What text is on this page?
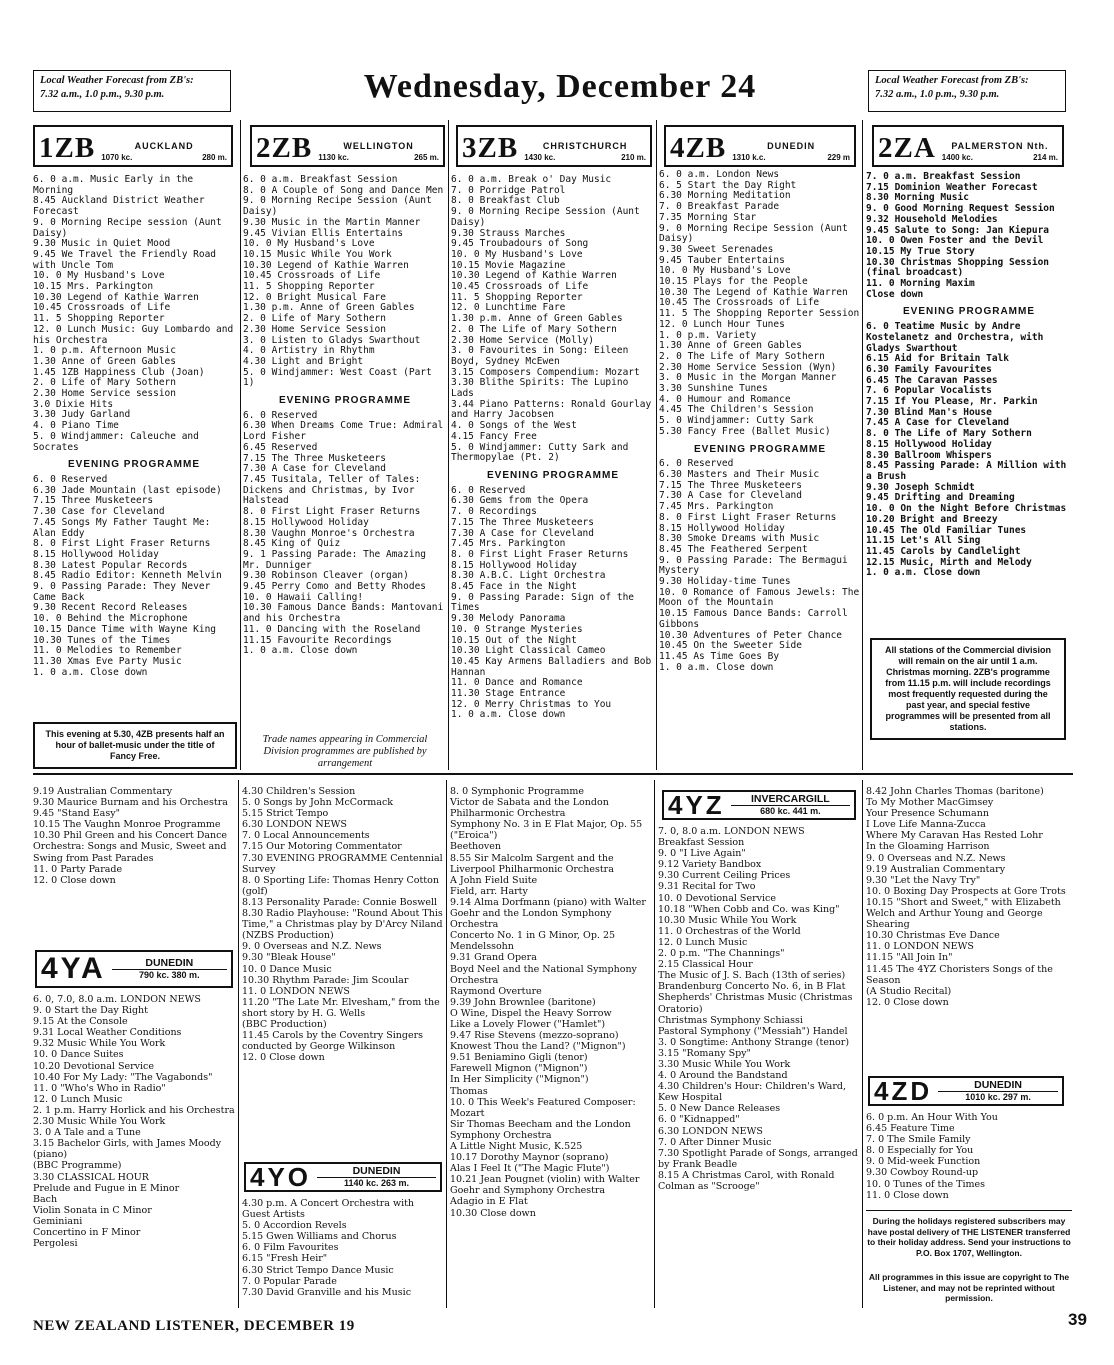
Local Weather Forecast from ZB's:
7.32 a.m., 1.0 p.m., 9.30 p.m.	Wednesday, December 24	Local Weather Forecast from ZB's:
7.32 a.m., 1.0 p.m., 9.30 p.m.
1ZB	AUCKLAND
1070 kc.	280 m. 2ZB	WELLINGTON
1130 kc.	265 m. 3ZB	CHRISTCHURCH
1430 kc.	210 m. 4ZB	DUNEDIN
1310 k.c.	229 m 2ZA	PALMERSTON Nth.
1400 kc.	214 m.
6. 0 a.m. Music Early in the Morning
8.45 Auckland District Weather Forecast
9. 0 Morning Recipe session (Aunt Daisy)
9.30 Music in Quiet Mood
9.45 We Travel the Friendly Road with Uncle Tom
10. 0 My Husband's Love
10.15 Mrs. Parkington
10.30 Legend of Kathie Warren
10.45 Crossroads of Life
11. 5 Shopping Reporter
12. 0 Lunch Music: Guy Lombardo and his Orchestra
1. 0 p.m. Afternoon Music
1.30 Anne of Green Gables
1.45 1ZB Happiness Club (Joan)
2. 0 Life of Mary Sothern
2.30 Home Service session
3.0 Dixie Hits
3.30 Judy Garland
4. 0 Piano Time
5. 0 Windjammer: Caleuche and Socrates
EVENING PROGRAMME
6. 0 Reserved
6.30 Jade Mountain (last episode)
7.15 Three Musketeers
7.30 Case for Cleveland
7.45 Songs My Father Taught Me: Alan Eddy
8. 0 First Light Fraser Returns
8.15 Hollywood Holiday
8.30 Latest Popular Records
8.45 Radio Editor: Kenneth Melvin
9. 0 Passing Parade: They Never Came Back
9.30 Recent Record Releases
10. 0 Behind the Microphone
10.15 Dance Time with Wayne King
10.30 Tunes of the Times
11. 0 Melodies to Remember
11.30 Xmas Eve Party Music
1. 0 a.m. Close down
This evening at 5.30, 4ZB presents half an hour of ballet-music under the title of Fancy Free.
6. 0 a.m. Breakfast Session
8. 0 A Couple of Song and Dance Men
9. 0 Morning Recipe Session (Aunt Daisy)
9.30 Music in the Martin Manner
9.45 Vivian Ellis Entertains
10. 0 My Husband's Love
10.15 Music While You Work
10.30 Legend of Kathie Warren
10.45 Crossroads of Life
11. 5 Shopping Reporter
12. 0 Bright Musical Fare
1.30 p.m. Anne of Green Gables
2. 0 Life of Mary Sothern
2.30 Home Service Session
3. 0 Listen to Gladys Swarthout
4. 0 Artistry in Rhythm
4.30 Light and Bright
5. 0 Windjammer: West Coast (Part 1)
EVENING PROGRAMME
6. 0 Reserved
6.30 When Dreams Come True: Admiral Lord Fisher
6.45 Reserved
7.15 The Three Musketeers
7.30 A Case for Cleveland
7.45 Tusitala, Teller of Tales: Dickens and Christmas, by Ivor Halstead
8. 0 First Light Fraser Returns
8.15 Hollywood Holiday
8.30 Vaughn Monroe's Orchestra
8.45 King of Quiz
9. 1 Passing Parade: The Amazing Mr. Dunniger
9.30 Robinson Cleaver (organ)
9.45 Perry Como and Betty Rhodes
10. 0 Hawaii Calling!
10.30 Famous Dance Bands: Mantovani and his Orchestra
11. 0 Dancing with the Roseland
11.15 Favourite Recordings
1. 0 a.m. Close down
Trade names appearing in Commercial Division programmes are published by arrangement
6. 0 a.m. Break o' Day Music
7. 0 Porridge Patrol
8. 0 Breakfast Club
9. 0 Morning Recipe Session (Aunt Daisy)
9.30 Strauss Marches
9.45 Troubadours of Song
10. 0 My Husband's Love
10.15 Movie Magazine
10.30 Legend of Kathie Warren
10.45 Crossroads of Life
11. 5 Shopping Reporter
12. 0 Lunchtime Fare
1.30 p.m. Anne of Green Gables
2. 0 The Life of Mary Sothern
2.30 Home Service (Molly)
3. 0 Favourites in Song: Eileen Boyd, Sydney McEwen
3.15 Composers Compendium: Mozart
3.30 Blithe Spirits: The Lupino Lads
3.44 Piano Patterns: Ronald Gourlay and Harry Jacobsen
4. 0 Songs of the West
4.15 Fancy Free
5. 0 Windjammer: Cutty Sark and Thermopylae (Pt. 2)
EVENING PROGRAMME
6. 0 Reserved
6.30 Gems from the Opera
7. 0 Recordings
7.15 The Three Musketeers
7.30 A Case for Cleveland
7.45 Mrs. Parkington
8. 0 First Light Fraser Returns
8.15 Hollywood Holiday
8.30 A.B.C. Light Orchestra
8.45 Face in the Night
9. 0 Passing Parade: Sign of the Times
9.30 Melody Panorama
10. 0 Strange Mysteries
10.15 Out of the Night
10.30 Light Classical Cameo
10.45 Kay Armens Balladiers and Bob Hannan
11. 0 Dance and Romance
11.30 Stage Entrance
12. 0 Merry Christmas to You
1. 0 a.m. Close down
6. 0 a.m. London News
6. 5 Start the Day Right
6.30 Morning Meditation
7. 0 Breakfast Parade
7.35 Morning Star
9. 0 Morning Recipe Session (Aunt Daisy)
9.30 Sweet Serenades
9.45 Tauber Entertains
10. 0 My Husband's Love
10.15 Plays for the People
10.30 The Legend of Kathie Warren
10.45 The Crossroads of Life
11. 5 The Shopping Reporter Session
12. 0 Lunch Hour Tunes
1. 0 p.m. Variety
1.30 Anne of Green Gables
2. 0 The Life of Mary Sothern
2.30 Home Service Session (Wyn)
3. 0 Music in the Morgan Manner
3.30 Sunshine Tunes
4. 0 Humour and Romance
4.45 The Children's Session
5. 0 Windjammer: Cutty Sark
5.30 Fancy Free (Ballet Music)
EVENING PROGRAMME
6. 0 Reserved
6.30 Masters and Their Music
7.15 The Three Musketeers
7.30 A Case for Cleveland
7.45 Mrs. Parkington
8. 0 First Light Fraser Returns
8.15 Hollywood Holiday
8.30 Smoke Dreams with Music
8.45 The Feathered Serpent
9. 0 Passing Parade: The Bermagui Mystery
9.30 Holiday-time Tunes
10. 0 Romance of Famous Jewels: The Moon of the Mountain
10.15 Famous Dance Bands: Carroll Gibbons
10.30 Adventures of Peter Chance
10.45 On the Sweeter Side
11.45 As Time Goes By
1. 0 a.m. Close down
7. 0 a.m. Breakfast Session
7.15 Dominion Weather Forecast
8.30 Morning Music
9. 0 Good Morning Request Session
9.32 Household Melodies
9.45 Salute to Song: Jan Kiepura
10. 0 Owen Foster and the Devil
10.15 My True Story
10.30 Christmas Shopping Session (final broadcast)
11. 0 Morning Maxim
Close down
EVENING PROGRAMME
6. 0 Teatime Music by Andre Kostelanetz and Orchestra, with Gladys Swarthout
6.15 Aid for Britain Talk
6.30 Family Favourites
6.45 The Caravan Passes
7. 6 Popular Vocalists
7.15 If You Please, Mr. Parkin
7.30 Blind Man's House
7.45 A Case for Cleveland
8. 0 The Life of Mary Sothern
8.15 Hollywood Holiday
8.30 Ballroom Whispers
8.45 Passing Parade: A Million with a Brush
9.30 Joseph Schmidt
9.45 Drifting and Dreaming
10. 0 On the Night Before Christmas
10.20 Bright and Breezy
10.45 The Old Familiar Tunes
11.15 Let's All Sing
11.45 Carols by Candlelight
12.15 Music, Mirth and Melody
1. 0 a.m. Close down
All stations of the Commercial division will remain on the air until 1 a.m. Christmas morning. 2ZB's programme from 11.15 p.m. will include recordings most frequently requested during the past year, and special festive programmes will be presented from all stations.
9.19 Australian Commentary
9.30 Maurice Burnam and his Orchestra
9.45 "Stand Easy"
10.15 The Vaughn Monroe Programme
10.30 Phil Green and his Concert Dance Orchestra: Songs and Music, Sweet and Swing from Past Parades
11. 0 Party Parade
12. 0 Close down
4YA	DUNEDIN
790 kc. 380 m.
6. 0, 7.0, 8.0 a.m. LONDON NEWS
9. 0 Start the Day Right
9.15 At the Console
9.31 Local Weather Conditions
9.32 Music While You Work
10. 0 Dance Suites
10.20 Devotional Service
10.40 For My Lady: "The Vagabonds"
11. 0 "Who's Who in Radio"
12. 0 Lunch Music
2. 1 p.m. Harry Horlick and his Orchestra
2.30 Music While You Work
3. 0 A Tale and a Tune
3.15 Bachelor Girls, with James Moody (piano)
(BBC Programme)
3.30 CLASSICAL HOUR
Prelude and Fugue in E Minor
Bach
Violin Sonata in C Minor
Geminiani
Concertino in F Minor
Pergolesi
4.30 Children's Session
5. 0 Songs by John McCormack
5.15 Strict Tempo
6.30 LONDON NEWS
7. 0 Local Announcements
7.15 Our Motoring Commentator
7.30 EVENING PROGRAMME Centennial Survey
8. 0 Sporting Life: Thomas Henry Cotton (golf)
8.13 Personality Parade: Connie Boswell
8.30 Radio Playhouse: "Round About This Time," a Christmas play by D'Arcy Niland
(NZBS Production)
9. 0 Overseas and N.Z. News
9.30 "Bleak House"
10. 0 Dance Music
10.30 Rhythm Parade: Jim Scoular
11. 0 LONDON NEWS
11.20 "The Late Mr. Elvesham," from the short story by H. G. Wells
(BBC Production)
11.45 Carols by the Coventry Singers conducted by George Wilkinson
12. 0 Close down
4YO	DUNEDIN
1140 kc. 263 m.
4.30 p.m. A Concert Orchestra with Guest Artists
5. 0 Accordion Revels
5.15 Gwen Williams and Chorus
6. 0 Film Favourites
6.15 "Fresh Heir"
6.30 Strict Tempo Dance Music
7. 0 Popular Parade
7.30 David Granville and his Music
8. 0 Symphonic Programme
Victor de Sabata and the London Philharmonic Orchestra
Symphony No. 3 in E Flat Major, Op. 55 ("Eroica")
Beethoven
8.55 Sir Malcolm Sargent and the Liverpool Philharmonic Orchestra
A John Field Suite
Field, arr. Harty
9.14 Alma Dorfmann (piano) with Walter Goehr and the London Symphony Orchestra
Concerto No. 1 in G Minor, Op. 25
Mendelssohn
9.31 Grand Opera
Boyd Neel and the National Symphony Orchestra
Raymond Overture
9.39 John Brownlee (baritone)
O Wine, Dispel the Heavy Sorrow
Like a Lovely Flower ("Hamlet")
9.47 Rise Stevens (mezzo-soprano)
Knowest Thou the Land? ("Mignon")
9.51 Beniamino Gigli (tenor)
Farewell Mignon ("Mignon")
In Her Simplicity ("Mignon")
Thomas
10. 0 This Week's Featured Composer: Mozart
Sir Thomas Beecham and the London Symphony Orchestra
A Little Night Music, K.525
10.17 Dorothy Maynor (soprano)
Alas I Feel It ("The Magic Flute")
10.21 Jean Pougnet (violin) with Walter Goehr and Symphony Orchestra
Adagio in E Flat
10.30 Close down
4YZ	INVERCARGILL
680 kc. 441 m.
7. 0, 8.0 a.m. LONDON NEWS
Breakfast Session
9. 0 "I Live Again"
9.12 Variety Bandbox
9.30 Current Ceiling Prices
9.31 Recital for Two
10. 0 Devotional Service
10.18 "When Cobb and Co. was King"
10.30 Music While You Work
11. 0 Orchestras of the World
12. 0 Lunch Music
2. 0 p.m. "The Channings"
2.15 Classical Hour
The Music of J. S. Bach (13th of series)
Brandenburg Concerto No. 6, in B Flat
Shepherds' Christmas Music (Christmas Oratorio)
Christmas Symphony Schiassi
Pastoral Symphony ("Messiah") Handel
3. 0 Songtime: Anthony Strange (tenor)
3.15 "Romany Spy"
3.30 Music While You Work
4. 0 Around the Bandstand
4.30 Children's Hour: Children's Ward, Kew Hospital
5. 0 New Dance Releases
6. 0 "Kidnapped"
6.30 LONDON NEWS
7. 0 After Dinner Music
7.30 Spotlight Parade of Songs, arranged by Frank Beadle
8.15 A Christmas Carol, with Ronald Colman as "Scrooge"
8.42 John Charles Thomas (baritone)
To My Mother MacGimsey
Your Presence Schumann
I Love Life Manna-Zucca
Where My Caravan Has Rested Lohr
In the Gloaming Harrison
9. 0 Overseas and N.Z. News
9.19 Australian Commentary
9.30 "Let the Navy Try"
10. 0 Boxing Day Prospects at Gore Trots
10.15 "Short and Sweet," with Elizabeth Welch and Arthur Young and George Shearing
10.30 Christmas Eve Dance
11. 0 LONDON NEWS
11.15 "All Join In"
11.45 The 4YZ Choristers Songs of the Season
(A Studio Recital)
12. 0 Close down
4ZD	DUNEDIN
1010 kc. 297 m.
6. 0 p.m. An Hour With You
6.45 Feature Time
7. 0 The Smile Family
8. 0 Especially for You
9. 0 Mid-week Function
9.30 Cowboy Round-up
10. 0 Tunes of the Times
11. 0 Close down
During the holidays registered subscribers may have postal delivery of THE LISTENER transferred to their holiday address. Send your instructions to P.O. Box 1707, Wellington.
All programmes in this issue are copyright to The Listener, and may not be reprinted without permission.
NEW ZEALAND LISTENER, DECEMBER 19	39
